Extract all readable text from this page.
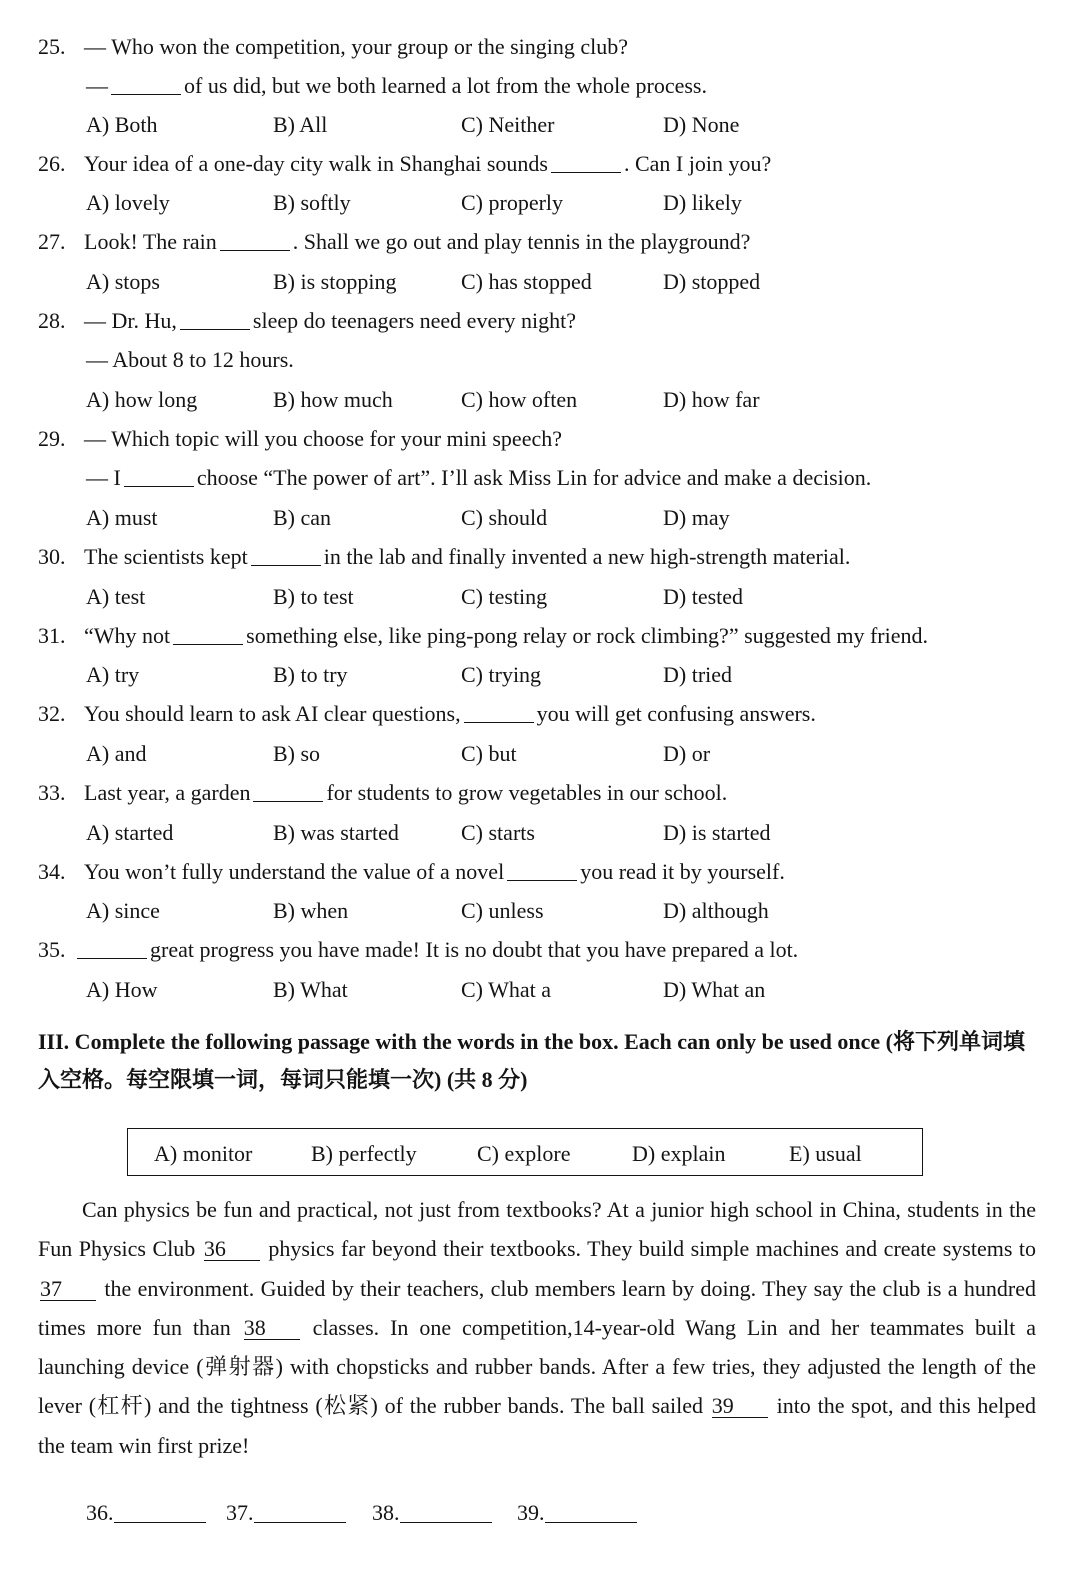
25. — Who won the competition, your group or the singing club?
—	of us did, but we both learned a lot from the whole process.
A) Both	B) All	C) Neither	D) None
26. Your idea of a one-day city walk in Shanghai sounds	. Can I join you?
A) lovely	B) softly	C) properly	D) likely
27. Look! The rain	. Shall we go out and play tennis in the playground?
A) stops	B) is stopping	C) has stopped	D) stopped
28. — Dr. Hu,	sleep do teenagers need every night?
— About 8 to 12 hours.
A) how long	B) how much	C) how often	D) how far
29. — Which topic will you choose for your mini speech?
— I	choose “The power of art”. I’ll ask Miss Lin for advice and make a decision.
A) must	B) can	C) should	D) may
30. The scientists kept	in the lab and finally invented a new high-strength material.
A) test	B) to test	C) testing	D) tested
31. “Why not	something else, like ping-pong relay or rock climbing?” suggested my friend.
A) try	B) to try	C) trying	D) tried
32. You should learn to ask AI clear questions,	you will get confusing answers.
A) and	B) so	C) but	D) or
33. Last year, a garden	for students to grow vegetables in our school.
A) started	B) was started	C) starts	D) is started
34. You won’t fully understand the value of a novel	you read it by yourself.
A) since	B) when	C) unless	D) although
35.	great progress you have made! It is no doubt that you have prepared a lot.
A) How	B) What	C) What a	D) What an
III. Complete the following passage with the words in the box. Each can only be used once (将下列单词填入空格。每空限填一词，每词只能填一次) (共 8 分)
A) monitor	B) perfectly	C) explore	D) explain	E) usual
Can physics be fun and practical, not just from textbooks? At a junior high school in China, students in the Fun Physics Club 36 physics far beyond their textbooks. They build simple machines and create systems to 37 the environment. Guided by their teachers, club members learn by doing. They say the club is a hundred times more fun than 38 classes. In one competition,14-year-old Wang Lin and her teammates built a launching device (弹射器) with chopsticks and rubber bands. After a few tries, they adjusted the length of the lever (杠杆) and the tightness (松紧) of the rubber bands. The ball sailed 39 into the spot, and this helped the team win first prize!
36.	37.	38.	39.
